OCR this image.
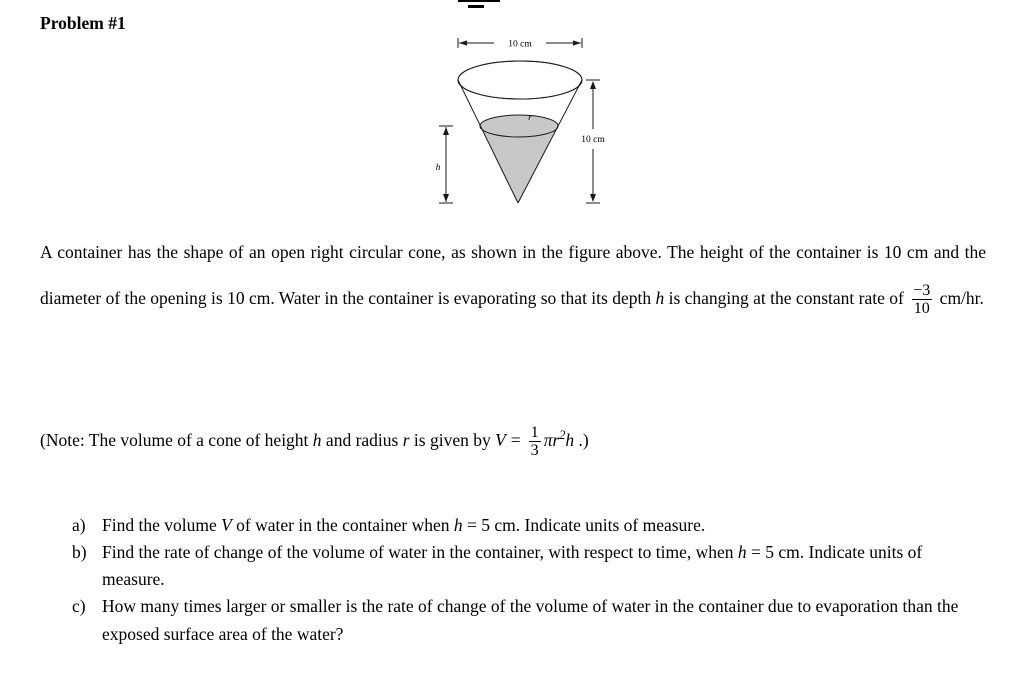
Problem #1
10 cm
r
10 cm
h
A container has the shape of an open right circular cone, as shown in the figure above. The height of the container is 10 cm and the diameter of the opening is 10 cm. Water in the container is evaporating so that its depth h is changing at the constant rate of $\frac{-3}{10} cm/hr$.
(Note: The volume of a cone of height h and radius r is given by $V = \frac{1}{3} \pi r^2h$ .)
a) Find the volume V of water in the container when h = 5 cm. Indicate units of measure.
b) Find the rate of change of the volume of water in the container, with respect to time, when h = 5 cm. Indicate units of measure.
c) How many times larger or smaller is the rate of change of the volume of water in the container due to evaporation than the exposed surface area of the water?
